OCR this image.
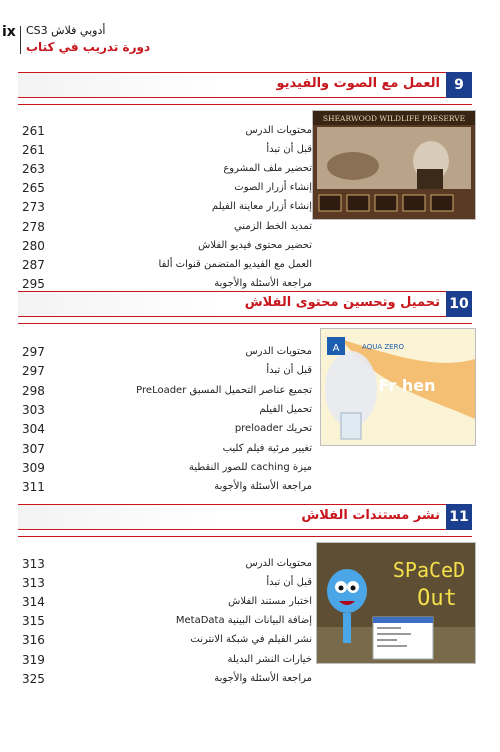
ix أدوبي فلاش CS3
دورة تدريب في كتاب
9
العمل مع الصوت والفيديو
SHEARWOOD WILDLIFE PRESERVE
261	محتويات الدرس
261	قبل أن تبدأ
263	تحضير ملف المشروع
265	إنشاء أزرار الصوت
273	إنشاء أزرار معاينة الفيلم
278	تمديد الخط الزمني
280	تحضير محتوى فيديو الفلاش
287	العمل مع الفيديو المتضمن قنوات ألفا
295	مراجعة الأسئلة والأجوبة
10
تحميل وتحسين محتوى الفلاش
A	AQUA ZERO
Fr hen
297	محتويات الدرس
297	قبل أن تبدأ
298	تجميع عناصر التحميل المسبق PreLoader
303	تحميل الفيلم
304	تحريك preloader
307	تغيير مرئية فيلم كليب
309	ميزة caching للصور النقطية
311	مراجعة الأسئلة والأجوبة
11
نشر مستندات الفلاش
SPaCeD
Out
313	محتويات الدرس
313	قبل أن تبدأ
314	اختبار مستند الفلاش
315	إضافة البيانات البينية MetaData
316	نشر الفيلم في شبكة الانترنت
319	خيارات النشر البديلة
325	مراجعة الأسئلة والأجوبة
